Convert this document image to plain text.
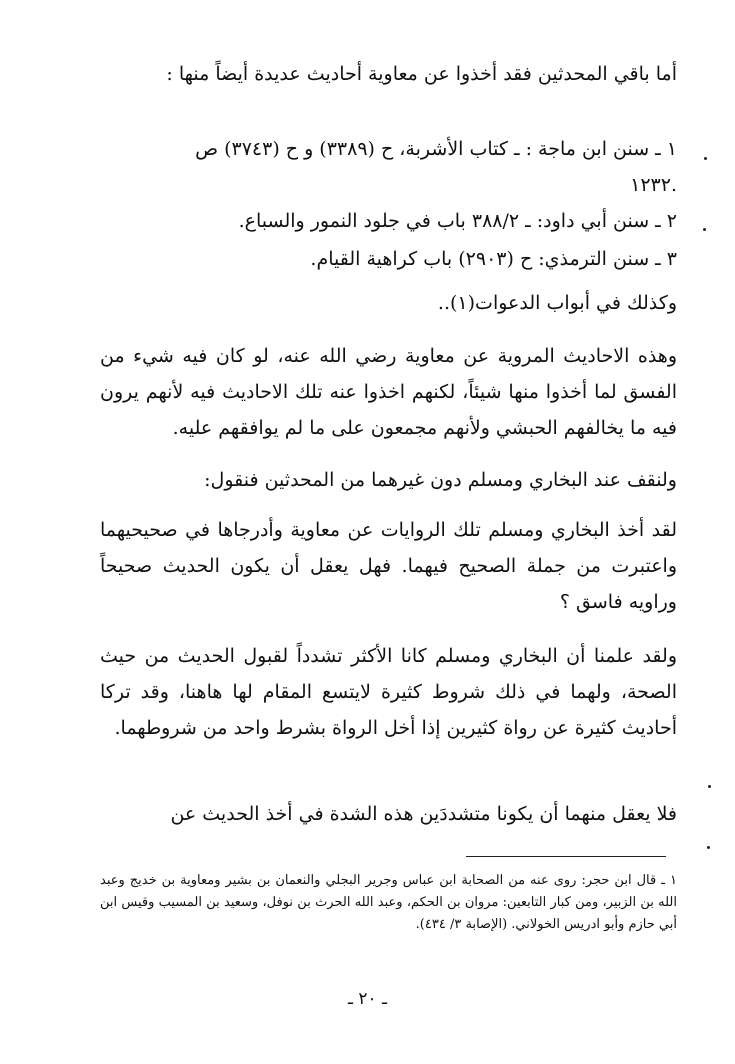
أما باقي المحدثين فقد أخذوا عن معاوية أحاديث عديدة أيضاً منها :

١ ـ سنن ابن ماجة : ـ كتاب الأشربة، ح (٣٣٨٩) و ح (٣٧٤٣) ص

.١٢٣٢

٢ ـ سنن أبي داود: ـ ٣٨٨/٢ باب في جلود النمور والسباع.

٣ ـ سنن الترمذي: ح (٢٩٠٣) باب كراهية القيام.

وكذلك في أبواب الدعوات(١)..

وهذه الاحاديث المروية عن معاوية رضي الله عنه، لو كان فيه شيء من الفسق لما أخذوا منها شيئاً، لكنهم اخذوا عنه تلك الاحاديث فيه لأنهم يرون فيه ما يخالفهم الحبشي ولأنهم مجمعون على ما لم يوافقهم عليه.

ولنقف عند البخاري ومسلم دون غيرهما من المحدثين فنقول:

لقد أخذ البخاري ومسلم تلك الروايات عن معاوية وأدرجاها في صحيحيهما واعتبرت من جملة الصحيح فيهما. فهل يعقل أن يكون الحديث صحيحاً وراويه فاسق ؟

ولقد علمنا أن البخاري ومسلم كانا الأكثر تشدداً لقبول الحديث من حيث الصحة، ولهما في ذلك شروط كثيرة لايتسع المقام لها هاهنا، وقد تركا أحاديث كثيرة عن رواة كثيرين إذا أخل الرواة بشرط واحد من شروطهما.

فلا يعقل منهما أن يكونا متشددَين هذه الشدة في أخذ الحديث عن

١ ـ قال ابن حجر: روى عنه من الصحابة ابن عباس وجرير البجلي والنعمان بن بشير ومعاوية بن خديج وعبد الله بن الزبير، ومن كبار التابعين: مروان بن الحكم، وعبد الله الحرث بن نوفل، وسعيد بن المسيب وقيس ابن أبي حازم وأبو ادريس الخولاني. (الإصابة ٣/ ٤٣٤).

ـ ٢٠ ـ
